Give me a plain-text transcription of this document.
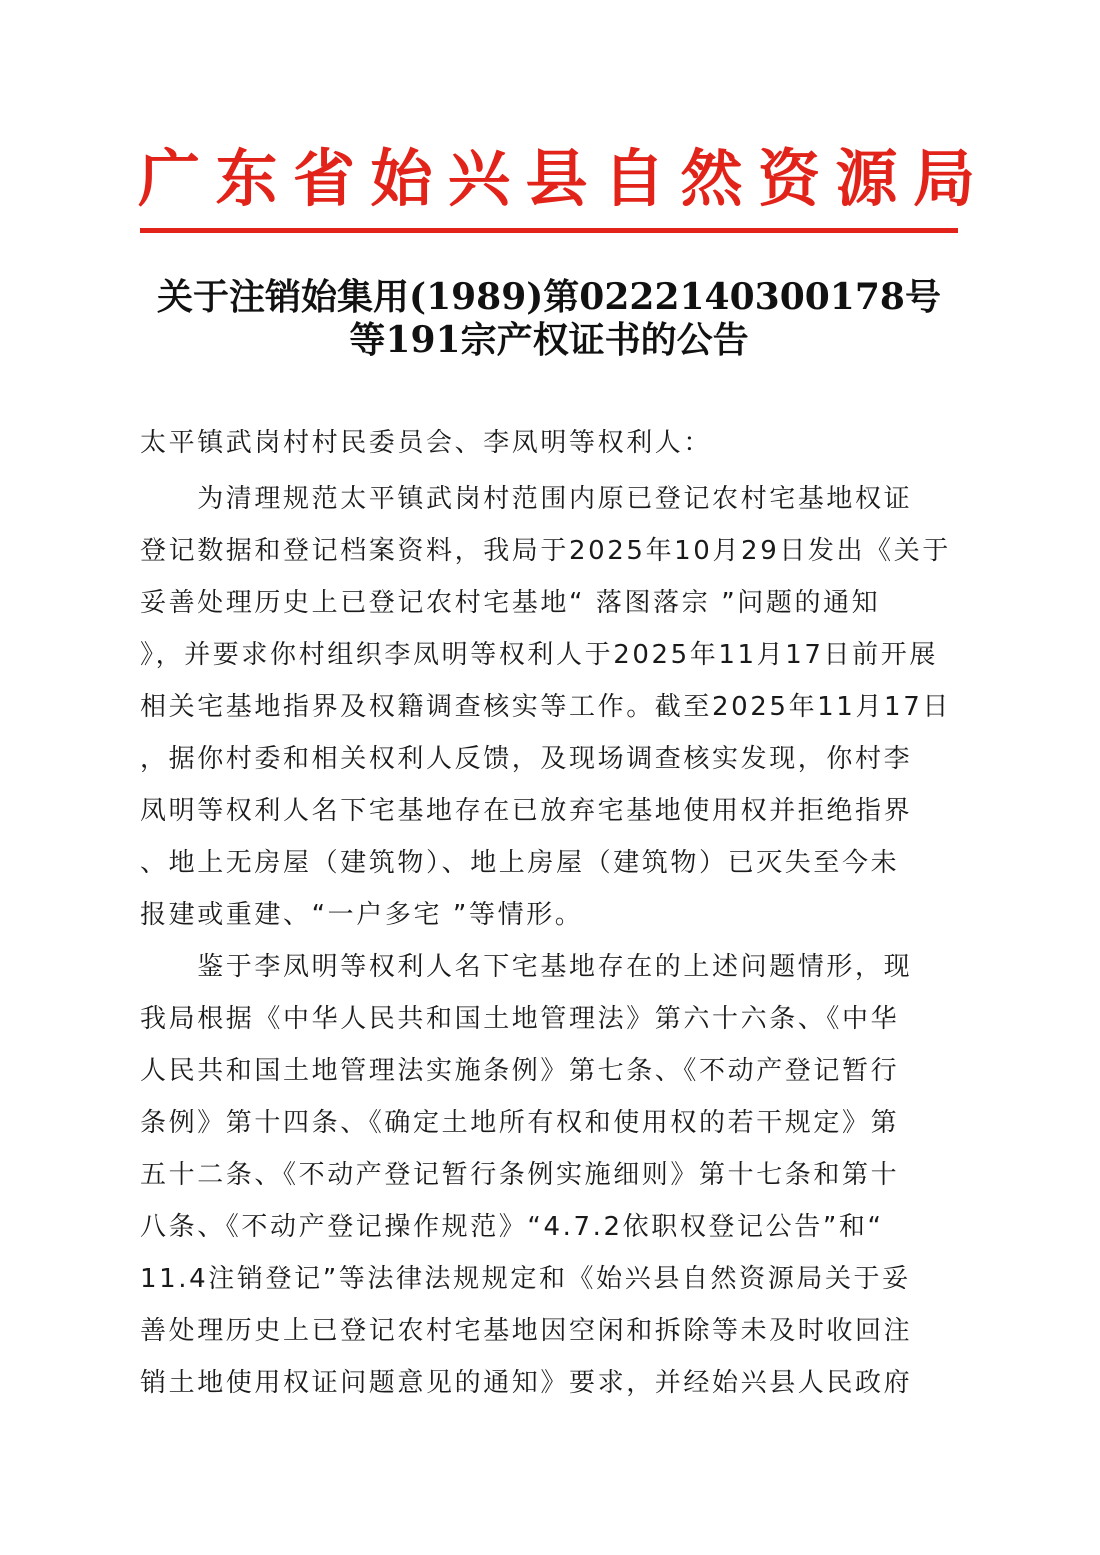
广东省始兴县自然资源局
关于注销始集用(1989)第0222140300178号
等191宗产权证书的公告
太平镇武岗村村民委员会、李凤明等权利人：
　　为清理规范太平镇武岗村范围内原已登记农村宅基地权证
登记数据和登记档案资料，我局于2025年10月29日发出《关于
妥善处理历史上已登记农村宅基地“ 落图落宗 ”问题的通知
》，并要求你村组织李凤明等权利人于2025年11月17日前开展
相关宅基地指界及权籍调查核实等工作。截至2025年11月17日
，据你村委和相关权利人反馈，及现场调查核实发现，你村李
凤明等权利人名下宅基地存在已放弃宅基地使用权并拒绝指界
、地上无房屋（建筑物）、地上房屋（建筑物）已灭失至今未
报建或重建、“一户多宅 ”等情形。
　　鉴于李凤明等权利人名下宅基地存在的上述问题情形，现
我局根据《中华人民共和国土地管理法》第六十六条、《中华
人民共和国土地管理法实施条例》第七条、《不动产登记暂行
条例》第十四条、《确定土地所有权和使用权的若干规定》第
五十二条、《不动产登记暂行条例实施细则》第十七条和第十
八条、《不动产登记操作规范》“4.7.2依职权登记公告”和“
11.4注销登记”等法律法规规定和《始兴县自然资源局关于妥
善处理历史上已登记农村宅基地因空闲和拆除等未及时收回注
销土地使用权证问题意见的通知》要求，并经始兴县人民政府
